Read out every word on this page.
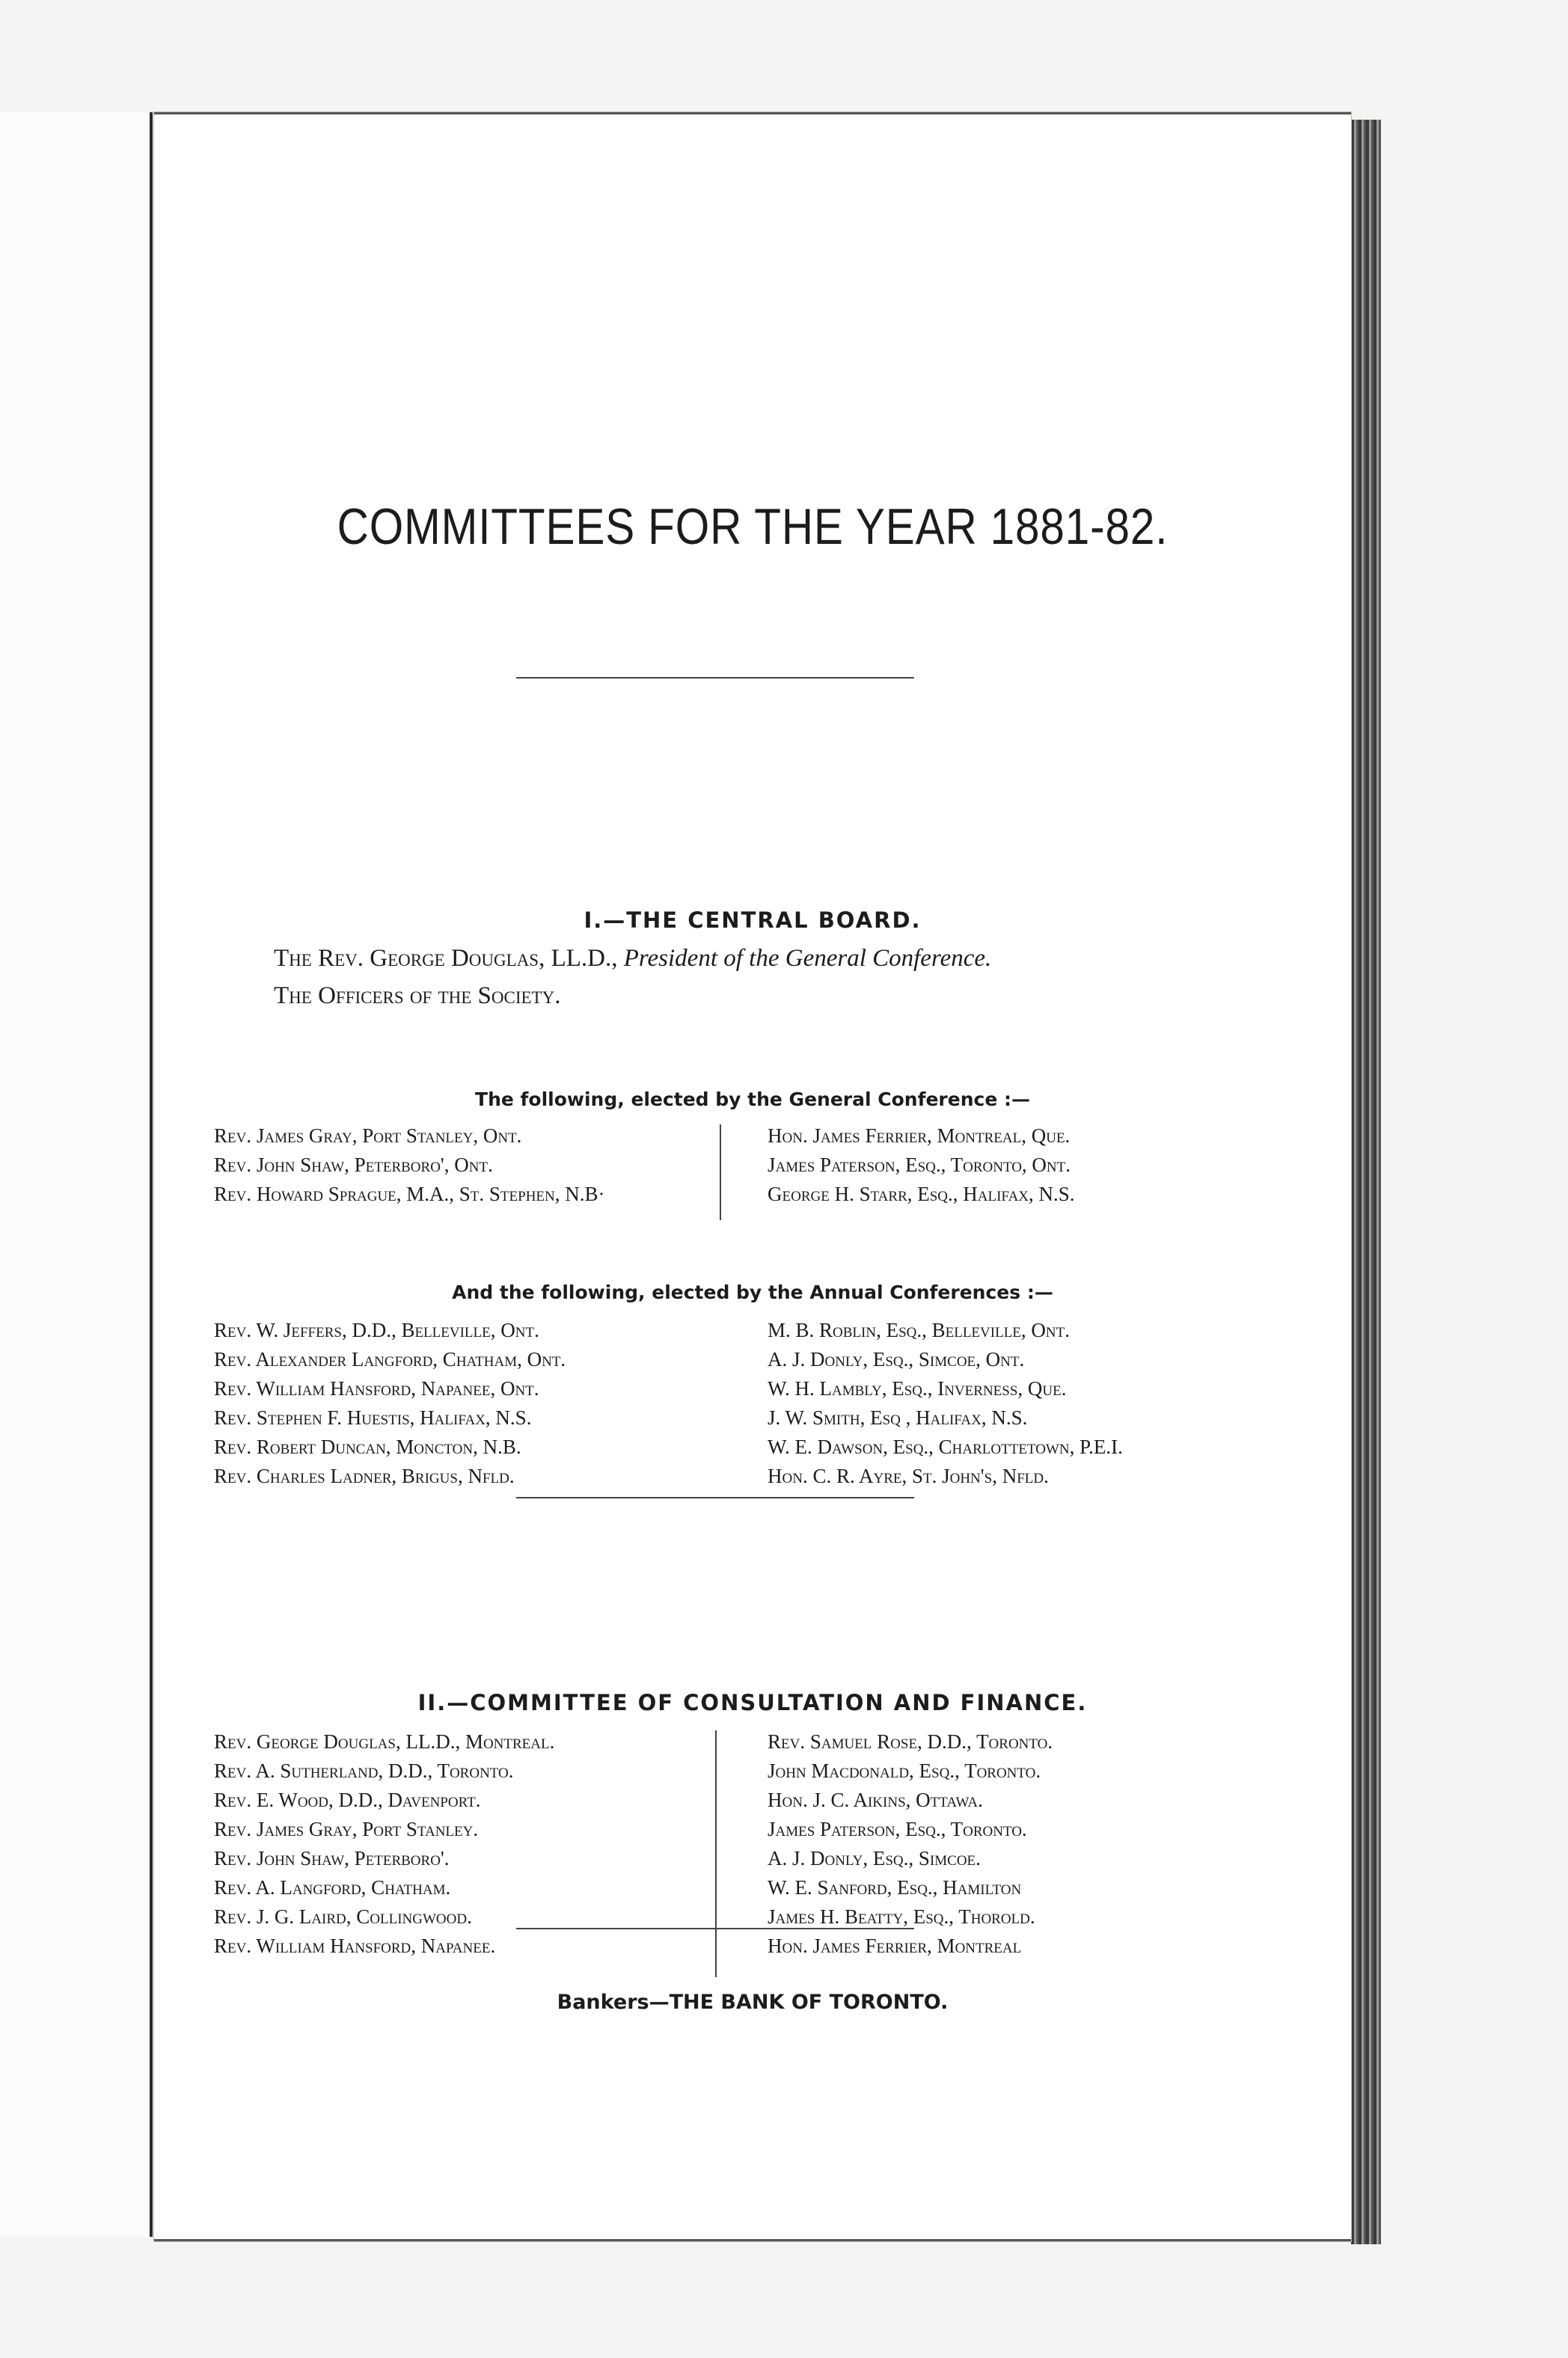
COMMITTEES FOR THE YEAR 1881-82.
I.—THE CENTRAL BOARD.
The Rev. George Douglas, LL.D., President of the General Conference.
The Officers of the Society.
The following, elected by the General Conference :—
Rev. James Gray, Port Stanley, Ont.
Rev. John Shaw, Peterboro', Ont.
Rev. Howard Sprague, M.A., St. Stephen, N.B·
Hon. James Ferrier, Montreal, Que.
James Paterson, Esq., Toronto, Ont.
George H. Starr, Esq., Halifax, N.S.
And the following, elected by the Annual Conferences :—
Rev. W. Jeffers, D.D., Belleville, Ont.
Rev. Alexander Langford, Chatham, Ont.
Rev. William Hansford, Napanee, Ont.
Rev. Stephen F. Huestis, Halifax, N.S.
Rev. Robert Duncan, Moncton, N.B.
Rev. Charles Ladner, Brigus, Nfld.
M. B. Roblin, Esq., Belleville, Ont.
A. J. Donly, Esq., Simcoe, Ont.
W. H. Lambly, Esq., Inverness, Que.
J. W. Smith, Esq , Halifax, N.S.
W. E. Dawson, Esq., Charlottetown, P.E.I.
Hon. C. R. Ayre, St. John's, Nfld.
II.—COMMITTEE OF CONSULTATION AND FINANCE.
Rev. George Douglas, LL.D., Montreal.
Rev. A. Sutherland, D.D., Toronto.
Rev. E. Wood, D.D., Davenport.
Rev. James Gray, Port Stanley.
Rev. John Shaw, Peterboro'.
Rev. A. Langford, Chatham.
Rev. J. G. Laird, Collingwood.
Rev. William Hansford, Napanee.
Rev. Samuel Rose, D.D., Toronto.
John Macdonald, Esq., Toronto.
Hon. J. C. Aikins, Ottawa.
James Paterson, Esq., Toronto.
A. J. Donly, Esq., Simcoe.
W. E. Sanford, Esq., Hamilton
James H. Beatty, Esq., Thorold.
Hon. James Ferrier, Montreal
Bankers—THE BANK OF TORONTO.
